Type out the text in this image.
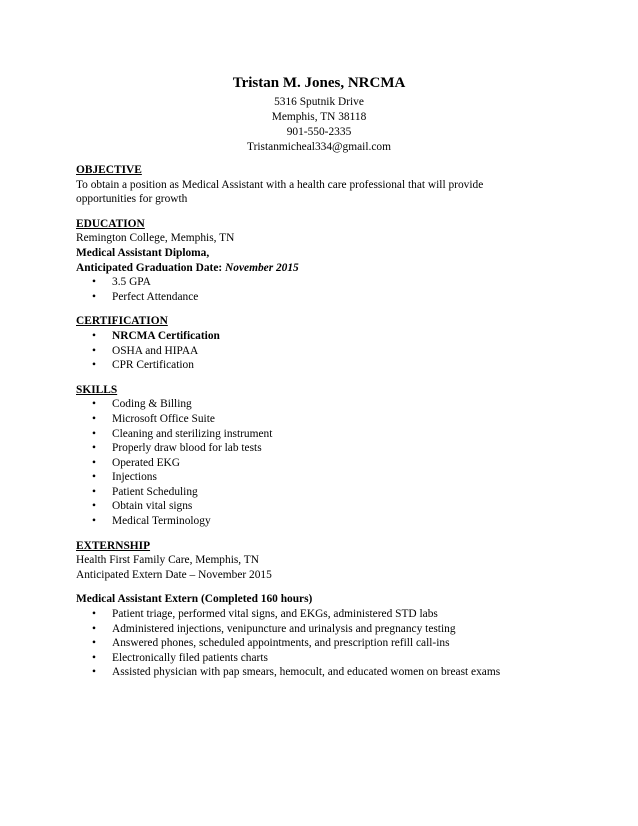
Tristan M. Jones, NRCMA
5316 Sputnik Drive
Memphis, TN 38118
901-550-2335
Tristanmicheal334@gmail.com
OBJECTIVE
To obtain a position as Medical Assistant with a health care professional that will provide
opportunities for growth
EDUCATION
Remington College, Memphis, TN
Medical Assistant Diploma,
Anticipated Graduation Date: November 2015
• 3.5 GPA
• Perfect Attendance
CERTIFICATION
• NRCMA Certification
• OSHA and HIPAA
• CPR Certification
SKILLS
• Coding & Billing
• Microsoft Office Suite
• Cleaning and sterilizing instrument
• Properly draw blood for lab tests
• Operated EKG
• Injections
• Patient Scheduling
• Obtain vital signs
• Medical Terminology
EXTERNSHIP
Health First Family Care, Memphis, TN
Anticipated Extern Date – November 2015
Medical Assistant Extern (Completed 160 hours)
• Patient triage, performed vital signs, and EKGs, administered STD labs
• Administered injections, venipuncture and urinalysis and pregnancy testing
• Answered phones, scheduled appointments, and prescription refill call-ins
• Electronically filed patients charts
• Assisted physician with pap smears, hemocult, and educated women on breast exams
